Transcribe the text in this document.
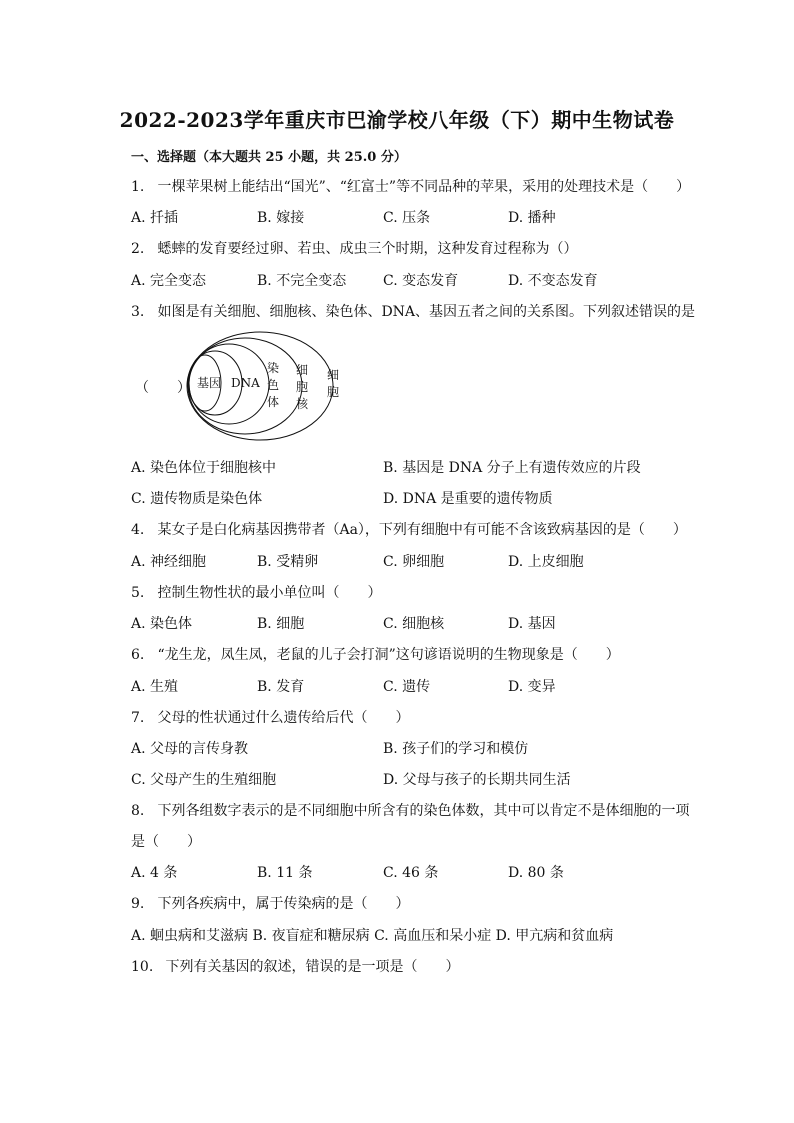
2022-2023学年重庆市巴渝学校八年级（下）期中生物试卷
一、选择题（本大题共 25 小题，共 25.0 分）
1. 一棵苹果树上能结出“国光”、“红富士”等不同品种的苹果，采用的处理技术是（　　）
A. 扦插	B. 嫁接	C. 压条	D. 播种
2. 蟋蟀的发育要经过卵、若虫、成虫三个时期，这种发育过程称为（）
A. 完全变态	B. 不完全变态	C. 变态发育	D. 不变态发育
3. 如图是有关细胞、细胞核、染色体、DNA、基因五者之间的关系图。下列叙述错误的是
（　　） 基因 DNA
染
色
体
细
胞
核
细
胞
A. 染色体位于细胞核中	B. 基因是 DNA 分子上有遗传效应的片段
C. 遗传物质是染色体	D. DNA 是重要的遗传物质
4. 某女子是白化病基因携带者（Aa），下列有细胞中有可能不含该致病基因的是（　　）
A. 神经细胞	B. 受精卵	C. 卵细胞	D. 上皮细胞
5. 控制生物性状的最小单位叫（　　）
A. 染色体	B. 细胞	C. 细胞核	D. 基因
6. “龙生龙，凤生凤，老鼠的儿子会打洞”这句谚语说明的生物现象是（　　）
A. 生殖	B. 发育	C. 遗传	D. 变异
7. 父母的性状通过什么遗传给后代（　　）
A. 父母的言传身教	B. 孩子们的学习和模仿
C. 父母产生的生殖细胞	D. 父母与孩子的长期共同生活
8. 下列各组数字表示的是不同细胞中所含有的染色体数，其中可以肯定不是体细胞的一项
是（　　）
A. 4 条	B. 11 条	C. 46 条	D. 80 条
9. 下列各疾病中，属于传染病的是（　　）
A. 蛔虫病和艾滋病 B. 夜盲症和糖尿病 C. 高血压和呆小症 D. 甲亢病和贫血病
10. 下列有关基因的叙述，错误的是一项是（　　）
